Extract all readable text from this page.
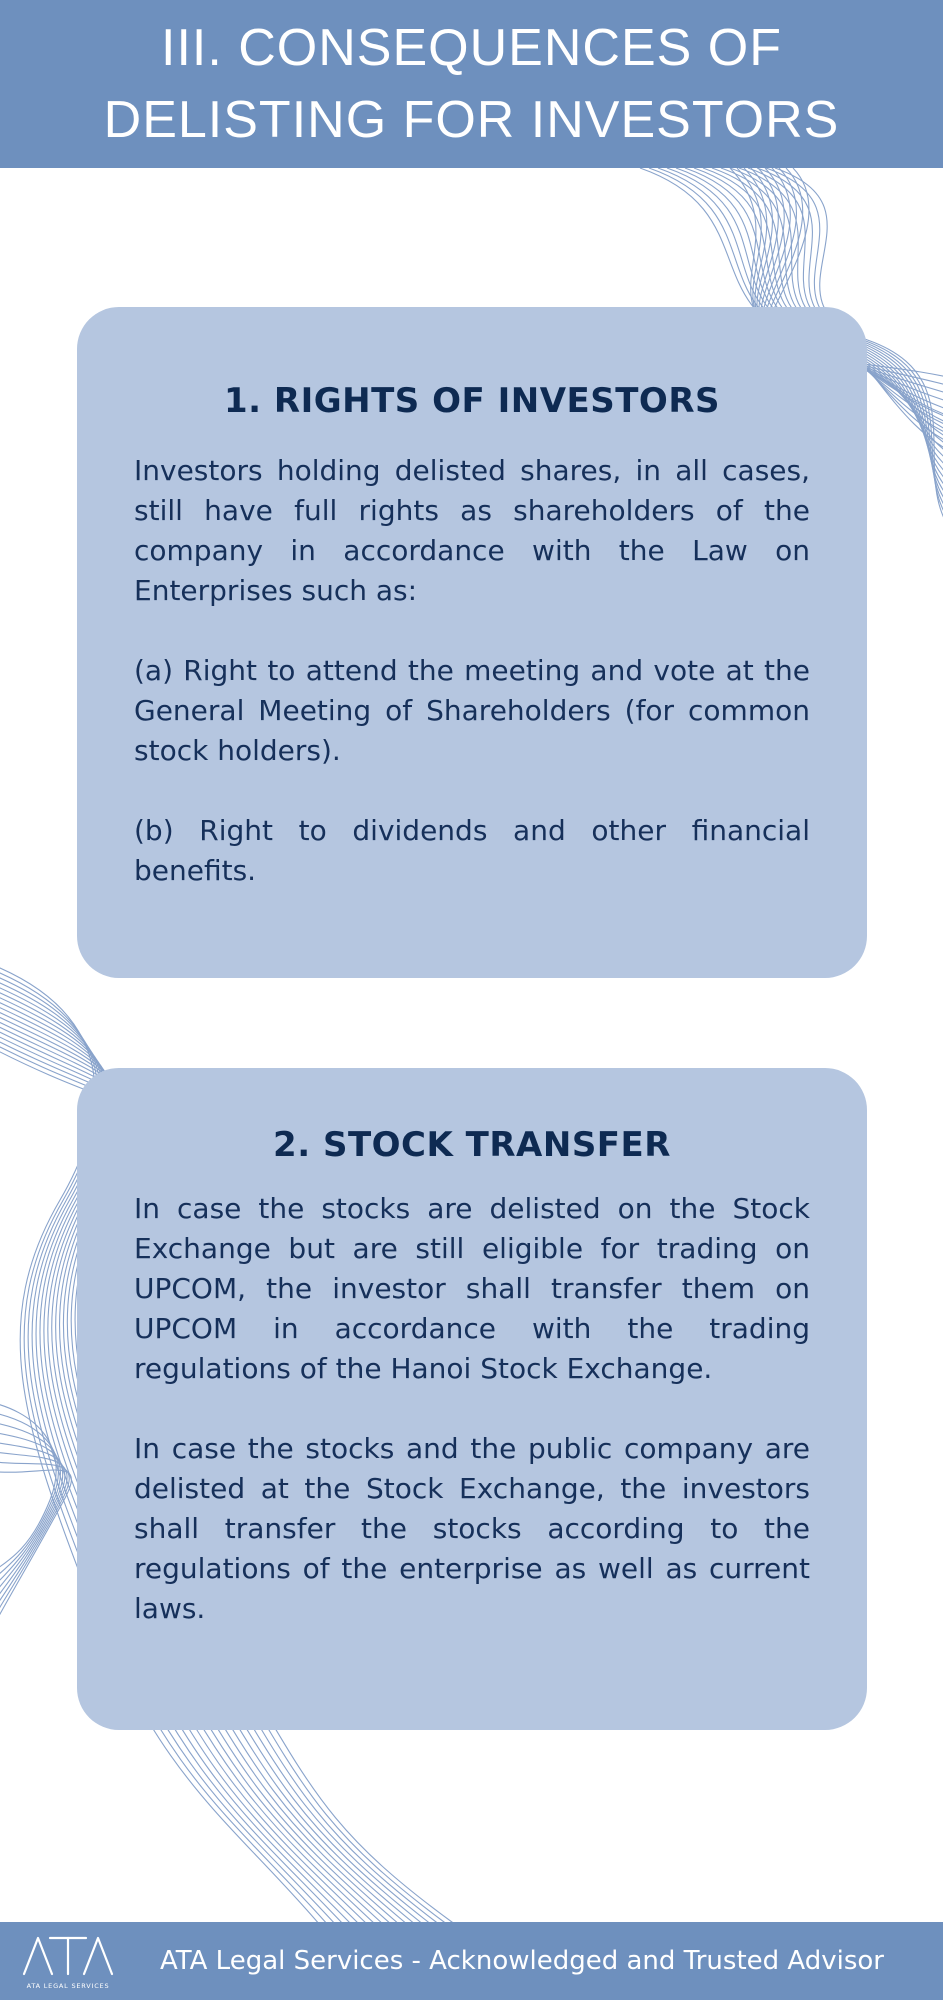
III. CONSEQUENCES OF DELISTING FOR INVESTORS
1. RIGHTS OF INVESTORS

Investors holding delisted shares, in all cases, still have full rights as shareholders of the company in accordance with the Law on Enterprises such as:

(a) Right to attend the meeting and vote at the General Meeting of Shareholders (for common stock holders).

(b) Right to dividends and other financial benefits.

2. STOCK TRANSFER

In case the stocks are delisted on the Stock Exchange but are still eligible for trading on UPCOM, the investor shall transfer them on UPCOM in accordance with the trading regulations of the Hanoi Stock Exchange.

In case the stocks and the public company are delisted at the Stock Exchange, the investors shall transfer the stocks according to the regulations of the enterprise as well as current laws.

ATA LEGAL SERVICES
ATA Legal Services - Acknowledged and Trusted Advisor
